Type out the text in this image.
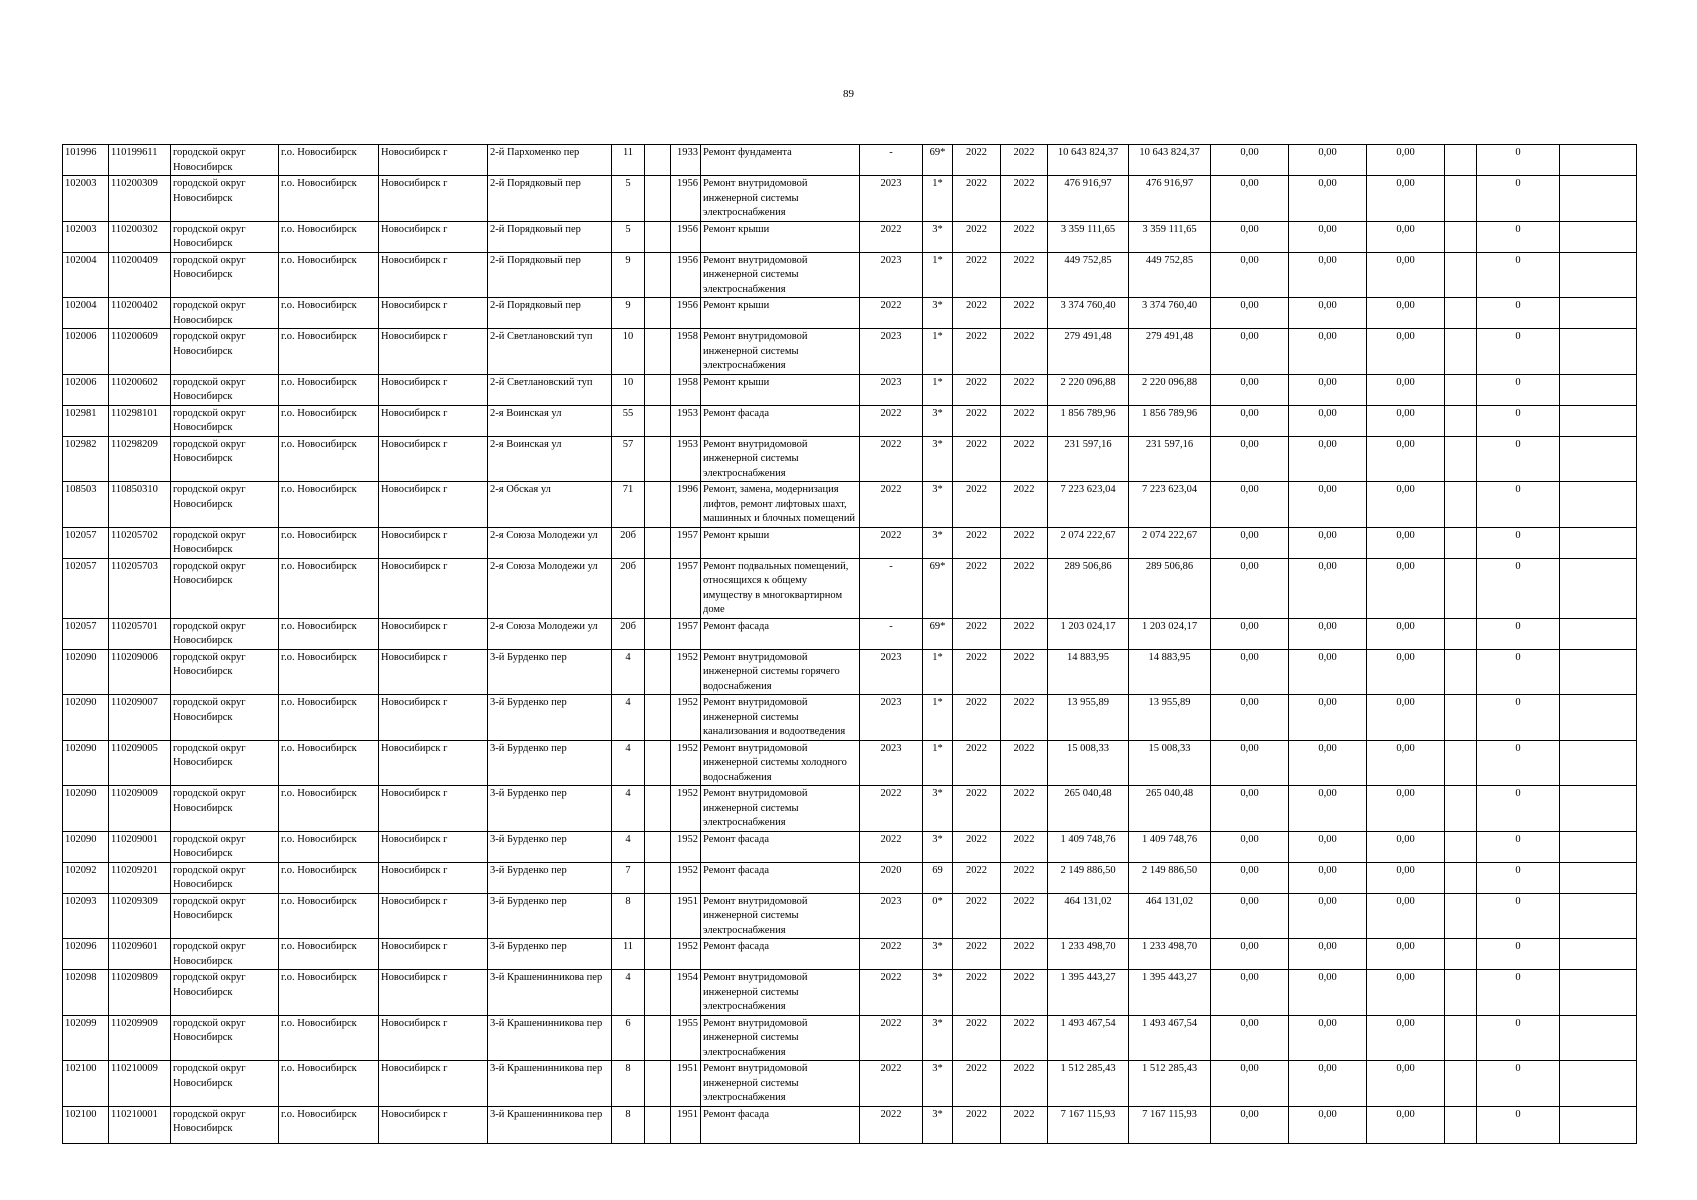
89
101996	110199611	городской округ Новосибирск	г.о. Новосибирск	Новосибирск г	2-й Пархоменко пер	11		1933	Ремонт фундамента	-	69*	2022	2022	10 643 824,37	10 643 824,37	0,00	0,00	0,00		0	
102003	110200309	городской округ Новосибирск	г.о. Новосибирск	Новосибирск г	2-й Порядковый пер	5		1956	Ремонт внутридомовой инженерной системы электроснабжения	2023	1*	2022	2022	476 916,97	476 916,97	0,00	0,00	0,00		0	
102003	110200302	городской округ Новосибирск	г.о. Новосибирск	Новосибирск г	2-й Порядковый пер	5		1956	Ремонт крыши	2022	3*	2022	2022	3 359 111,65	3 359 111,65	0,00	0,00	0,00		0	
102004	110200409	городской округ Новосибирск	г.о. Новосибирск	Новосибирск г	2-й Порядковый пер	9		1956	Ремонт внутридомовой инженерной системы электроснабжения	2023	1*	2022	2022	449 752,85	449 752,85	0,00	0,00	0,00		0	
102004	110200402	городской округ Новосибирск	г.о. Новосибирск	Новосибирск г	2-й Порядковый пер	9		1956	Ремонт крыши	2022	3*	2022	2022	3 374 760,40	3 374 760,40	0,00	0,00	0,00		0	
102006	110200609	городской округ Новосибирск	г.о. Новосибирск	Новосибирск г	2-й Светлановский туп	10		1958	Ремонт внутридомовой инженерной системы электроснабжения	2023	1*	2022	2022	279 491,48	279 491,48	0,00	0,00	0,00		0	
102006	110200602	городской округ Новосибирск	г.о. Новосибирск	Новосибирск г	2-й Светлановский туп	10		1958	Ремонт крыши	2023	1*	2022	2022	2 220 096,88	2 220 096,88	0,00	0,00	0,00		0	
102981	110298101	городской округ Новосибирск	г.о. Новосибирск	Новосибирск г	2-я Воинская ул	55		1953	Ремонт фасада	2022	3*	2022	2022	1 856 789,96	1 856 789,96	0,00	0,00	0,00		0	
102982	110298209	городской округ Новосибирск	г.о. Новосибирск	Новосибирск г	2-я Воинская ул	57		1953	Ремонт внутридомовой инженерной системы электроснабжения	2022	3*	2022	2022	231 597,16	231 597,16	0,00	0,00	0,00		0	
108503	110850310	городской округ Новосибирск	г.о. Новосибирск	Новосибирск г	2-я Обская ул	71		1996	Ремонт, замена, модернизация лифтов, ремонт лифтовых шахт, машинных и блочных помещений	2022	3*	2022	2022	7 223 623,04	7 223 623,04	0,00	0,00	0,00		0	
102057	110205702	городской округ Новосибирск	г.о. Новосибирск	Новосибирск г	2-я Союза Молодежи ул	20б		1957	Ремонт крыши	2022	3*	2022	2022	2 074 222,67	2 074 222,67	0,00	0,00	0,00		0	
102057	110205703	городской округ Новосибирск	г.о. Новосибирск	Новосибирск г	2-я Союза Молодежи ул	20б		1957	Ремонт подвальных помещений, относящихся к общему имуществу в многоквартирном доме	-	69*	2022	2022	289 506,86	289 506,86	0,00	0,00	0,00		0	
102057	110205701	городской округ Новосибирск	г.о. Новосибирск	Новосибирск г	2-я Союза Молодежи ул	20б		1957	Ремонт фасада	-	69*	2022	2022	1 203 024,17	1 203 024,17	0,00	0,00	0,00		0	
102090	110209006	городской округ Новосибирск	г.о. Новосибирск	Новосибирск г	3-й Бурденко пер	4		1952	Ремонт внутридомовой инженерной системы горячего водоснабжения	2023	1*	2022	2022	14 883,95	14 883,95	0,00	0,00	0,00		0	
102090	110209007	городской округ Новосибирск	г.о. Новосибирск	Новосибирск г	3-й Бурденко пер	4		1952	Ремонт внутридомовой инженерной системы канализования и водоотведения	2023	1*	2022	2022	13 955,89	13 955,89	0,00	0,00	0,00		0	
102090	110209005	городской округ Новосибирск	г.о. Новосибирск	Новосибирск г	3-й Бурденко пер	4		1952	Ремонт внутридомовой инженерной системы холодного водоснабжения	2023	1*	2022	2022	15 008,33	15 008,33	0,00	0,00	0,00		0	
102090	110209009	городской округ Новосибирск	г.о. Новосибирск	Новосибирск г	3-й Бурденко пер	4		1952	Ремонт внутридомовой инженерной системы электроснабжения	2022	3*	2022	2022	265 040,48	265 040,48	0,00	0,00	0,00		0	
102090	110209001	городской округ Новосибирск	г.о. Новосибирск	Новосибирск г	3-й Бурденко пер	4		1952	Ремонт фасада	2022	3*	2022	2022	1 409 748,76	1 409 748,76	0,00	0,00	0,00		0	
102092	110209201	городской округ Новосибирск	г.о. Новосибирск	Новосибирск г	3-й Бурденко пер	7		1952	Ремонт фасада	2020	69	2022	2022	2 149 886,50	2 149 886,50	0,00	0,00	0,00		0	
102093	110209309	городской округ Новосибирск	г.о. Новосибирск	Новосибирск г	3-й Бурденко пер	8		1951	Ремонт внутридомовой инженерной системы электроснабжения	2023	0*	2022	2022	464 131,02	464 131,02	0,00	0,00	0,00		0	
102096	110209601	городской округ Новосибирск	г.о. Новосибирск	Новосибирск г	3-й Бурденко пер	11		1952	Ремонт фасада	2022	3*	2022	2022	1 233 498,70	1 233 498,70	0,00	0,00	0,00		0	
102098	110209809	городской округ Новосибирск	г.о. Новосибирск	Новосибирск г	3-й Крашенинникова пер	4		1954	Ремонт внутридомовой инженерной системы электроснабжения	2022	3*	2022	2022	1 395 443,27	1 395 443,27	0,00	0,00	0,00		0	
102099	110209909	городской округ Новосибирск	г.о. Новосибирск	Новосибирск г	3-й Крашенинникова пер	6		1955	Ремонт внутридомовой инженерной системы электроснабжения	2022	3*	2022	2022	1 493 467,54	1 493 467,54	0,00	0,00	0,00		0	
102100	110210009	городской округ Новосибирск	г.о. Новосибирск	Новосибирск г	3-й Крашенинникова пер	8		1951	Ремонт внутридомовой инженерной системы электроснабжения	2022	3*	2022	2022	1 512 285,43	1 512 285,43	0,00	0,00	0,00		0	
102100	110210001	городской округ Новосибирск	г.о. Новосибирск	Новосибирск г	3-й Крашенинникова пер	8		1951	Ремонт фасада	2022	3*	2022	2022	7 167 115,93	7 167 115,93	0,00	0,00	0,00		0	
